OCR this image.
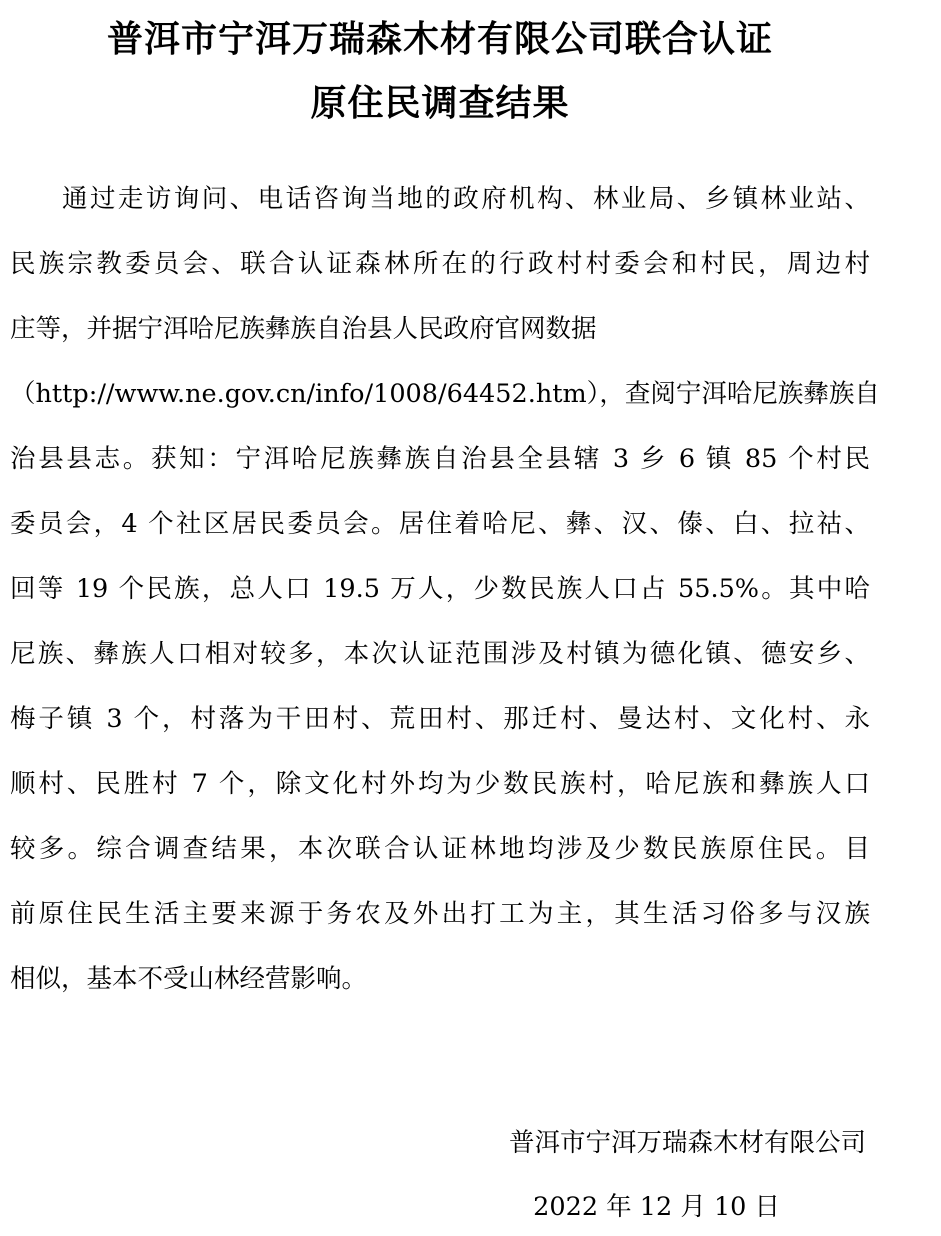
普洱市宁洱万瑞森木材有限公司联合认证
原住民调查结果

通过走访询问、电话咨询当地的政府机构、林业局、乡镇林业站、

民族宗教委员会、联合认证森林所在的行政村村委会和村民，周边村

庄等，并据宁洱哈尼族彝族自治县人民政府官网数据

（http://www.ne.gov.cn/info/1008/64452.htm），查阅宁洱哈尼族彝族自

治县县志。获知：宁洱哈尼族彝族自治县全县辖 3 乡 6 镇 85 个村民

委员会，4 个社区居民委员会。居住着哈尼、彝、汉、傣、白、拉祜、

回等 19 个民族，总人口 19.5 万人，少数民族人口占 55.5%。其中哈

尼族、彝族人口相对较多，本次认证范围涉及村镇为德化镇、德安乡、

梅子镇 3 个，村落为干田村、荒田村、那迁村、曼达村、文化村、永

顺村、民胜村 7 个，除文化村外均为少数民族村，哈尼族和彝族人口

较多。综合调查结果，本次联合认证林地均涉及少数民族原住民。目

前原住民生活主要来源于务农及外出打工为主，其生活习俗多与汉族

相似，基本不受山林经营影响。

普洱市宁洱万瑞森木材有限公司

2022 年 12 月 10 日
